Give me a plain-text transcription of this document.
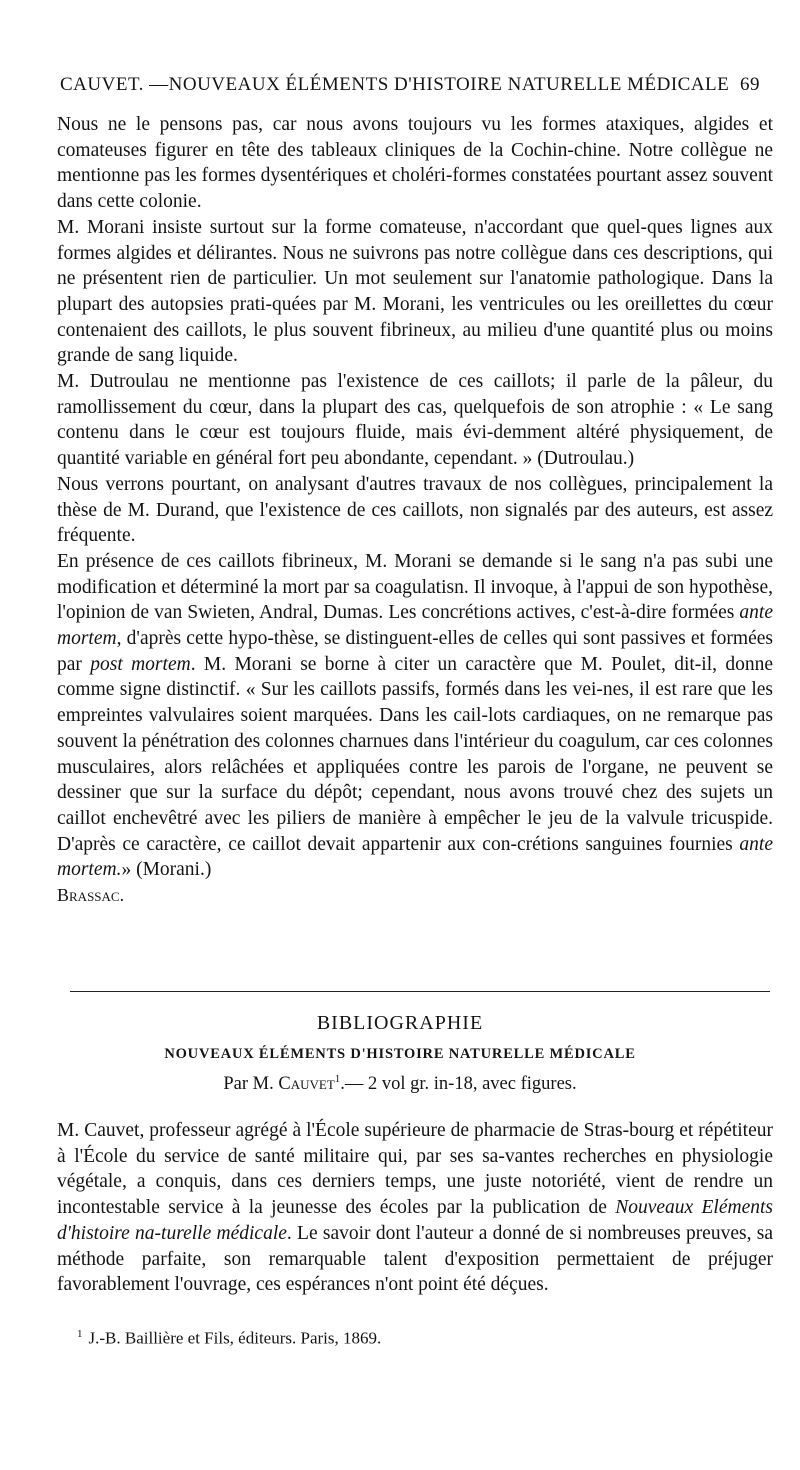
CAUVET. —NOUVEAUX ÉLÉMENTS D'HISTOIRE NATURELLE MÉDICALE 69

Nous ne le pensons pas, car nous avons toujours vu les formes ataxiques, algides et comateuses figurer en tête des tableaux cliniques de la Cochin-chine. Notre collègue ne mentionne pas les formes dysentériques et choléri-formes constatées pourtant assez souvent dans cette colonie.

M. Morani insiste surtout sur la forme comateuse, n'accordant que quel-ques lignes aux formes algides et délirantes. Nous ne suivrons pas notre collègue dans ces descriptions, qui ne présentent rien de particulier. Un mot seulement sur l'anatomie pathologique. Dans la plupart des autopsies prati-quées par M. Morani, les ventricules ou les oreillettes du cœur contenaient des caillots, le plus souvent fibrineux, au milieu d'une quantité plus ou moins grande de sang liquide.

M. Dutroulau ne mentionne pas l'existence de ces caillots; il parle de la pâleur, du ramollissement du cœur, dans la plupart des cas, quelquefois de son atrophie : « Le sang contenu dans le cœur est toujours fluide, mais évi-demment altéré physiquement, de quantité variable en général fort peu abondante, cependant. » (Dutroulau.)

Nous verrons pourtant, on analysant d'autres travaux de nos collègues, principalement la thèse de M. Durand, que l'existence de ces caillots, non signalés par des auteurs, est assez fréquente.

En présence de ces caillots fibrineux, M. Morani se demande si le sang n'a pas subi une modification et déterminé la mort par sa coagulatisn. Il invoque, à l'appui de son hypothèse, l'opinion de van Swieten, Andral, Dumas. Les concrétions actives, c'est-à-dire formées ante mortem, d'après cette hypo-thèse, se distinguent-elles de celles qui sont passives et formées par post mortem. M. Morani se borne à citer un caractère que M. Poulet, dit-il, donne comme signe distinctif. « Sur les caillots passifs, formés dans les vei-nes, il est rare que les empreintes valvulaires soient marquées. Dans les cail-lots cardiaques, on ne remarque pas souvent la pénétration des colonnes charnues dans l'intérieur du coagulum, car ces colonnes musculaires, alors relâchées et appliquées contre les parois de l'organe, ne peuvent se dessiner que sur la surface du dépôt; cependant, nous avons trouvé chez des sujets un caillot enchevêtré avec les piliers de manière à empêcher le jeu de la valvule tricuspide. D'après ce caractère, ce caillot devait appartenir aux con-crétions sanguines fournies ante mortem.» (Morani.)

Brassac.

BIBLIOGRAPHIE
NOUVEAUX ÉLÉMENTS D'HISTOIRE NATURELLE MÉDICALE
Par M. Cauvet$^1$.— 2 vol gr. in-18, avec figures.

M. Cauvet, professeur agrégé à l'École supérieure de pharmacie de Stras-bourg et répétiteur à l'École du service de santé militaire qui, par ses sa-vantes recherches en physiologie végétale, a conquis, dans ces derniers temps, une juste notoriété, vient de rendre un incontestable service à la jeunesse des écoles par la publication de Nouveaux Eléments d'histoire na-turelle médicale. Le savoir dont l'auteur a donné de si nombreuses preuves, sa méthode parfaite, son remarquable talent d'exposition permettaient de préjuger favorablement l'ouvrage, ces espérances n'ont point été déçues.

$^1$ J.-B. Baillière et Fils, éditeurs. Paris, 1869.
